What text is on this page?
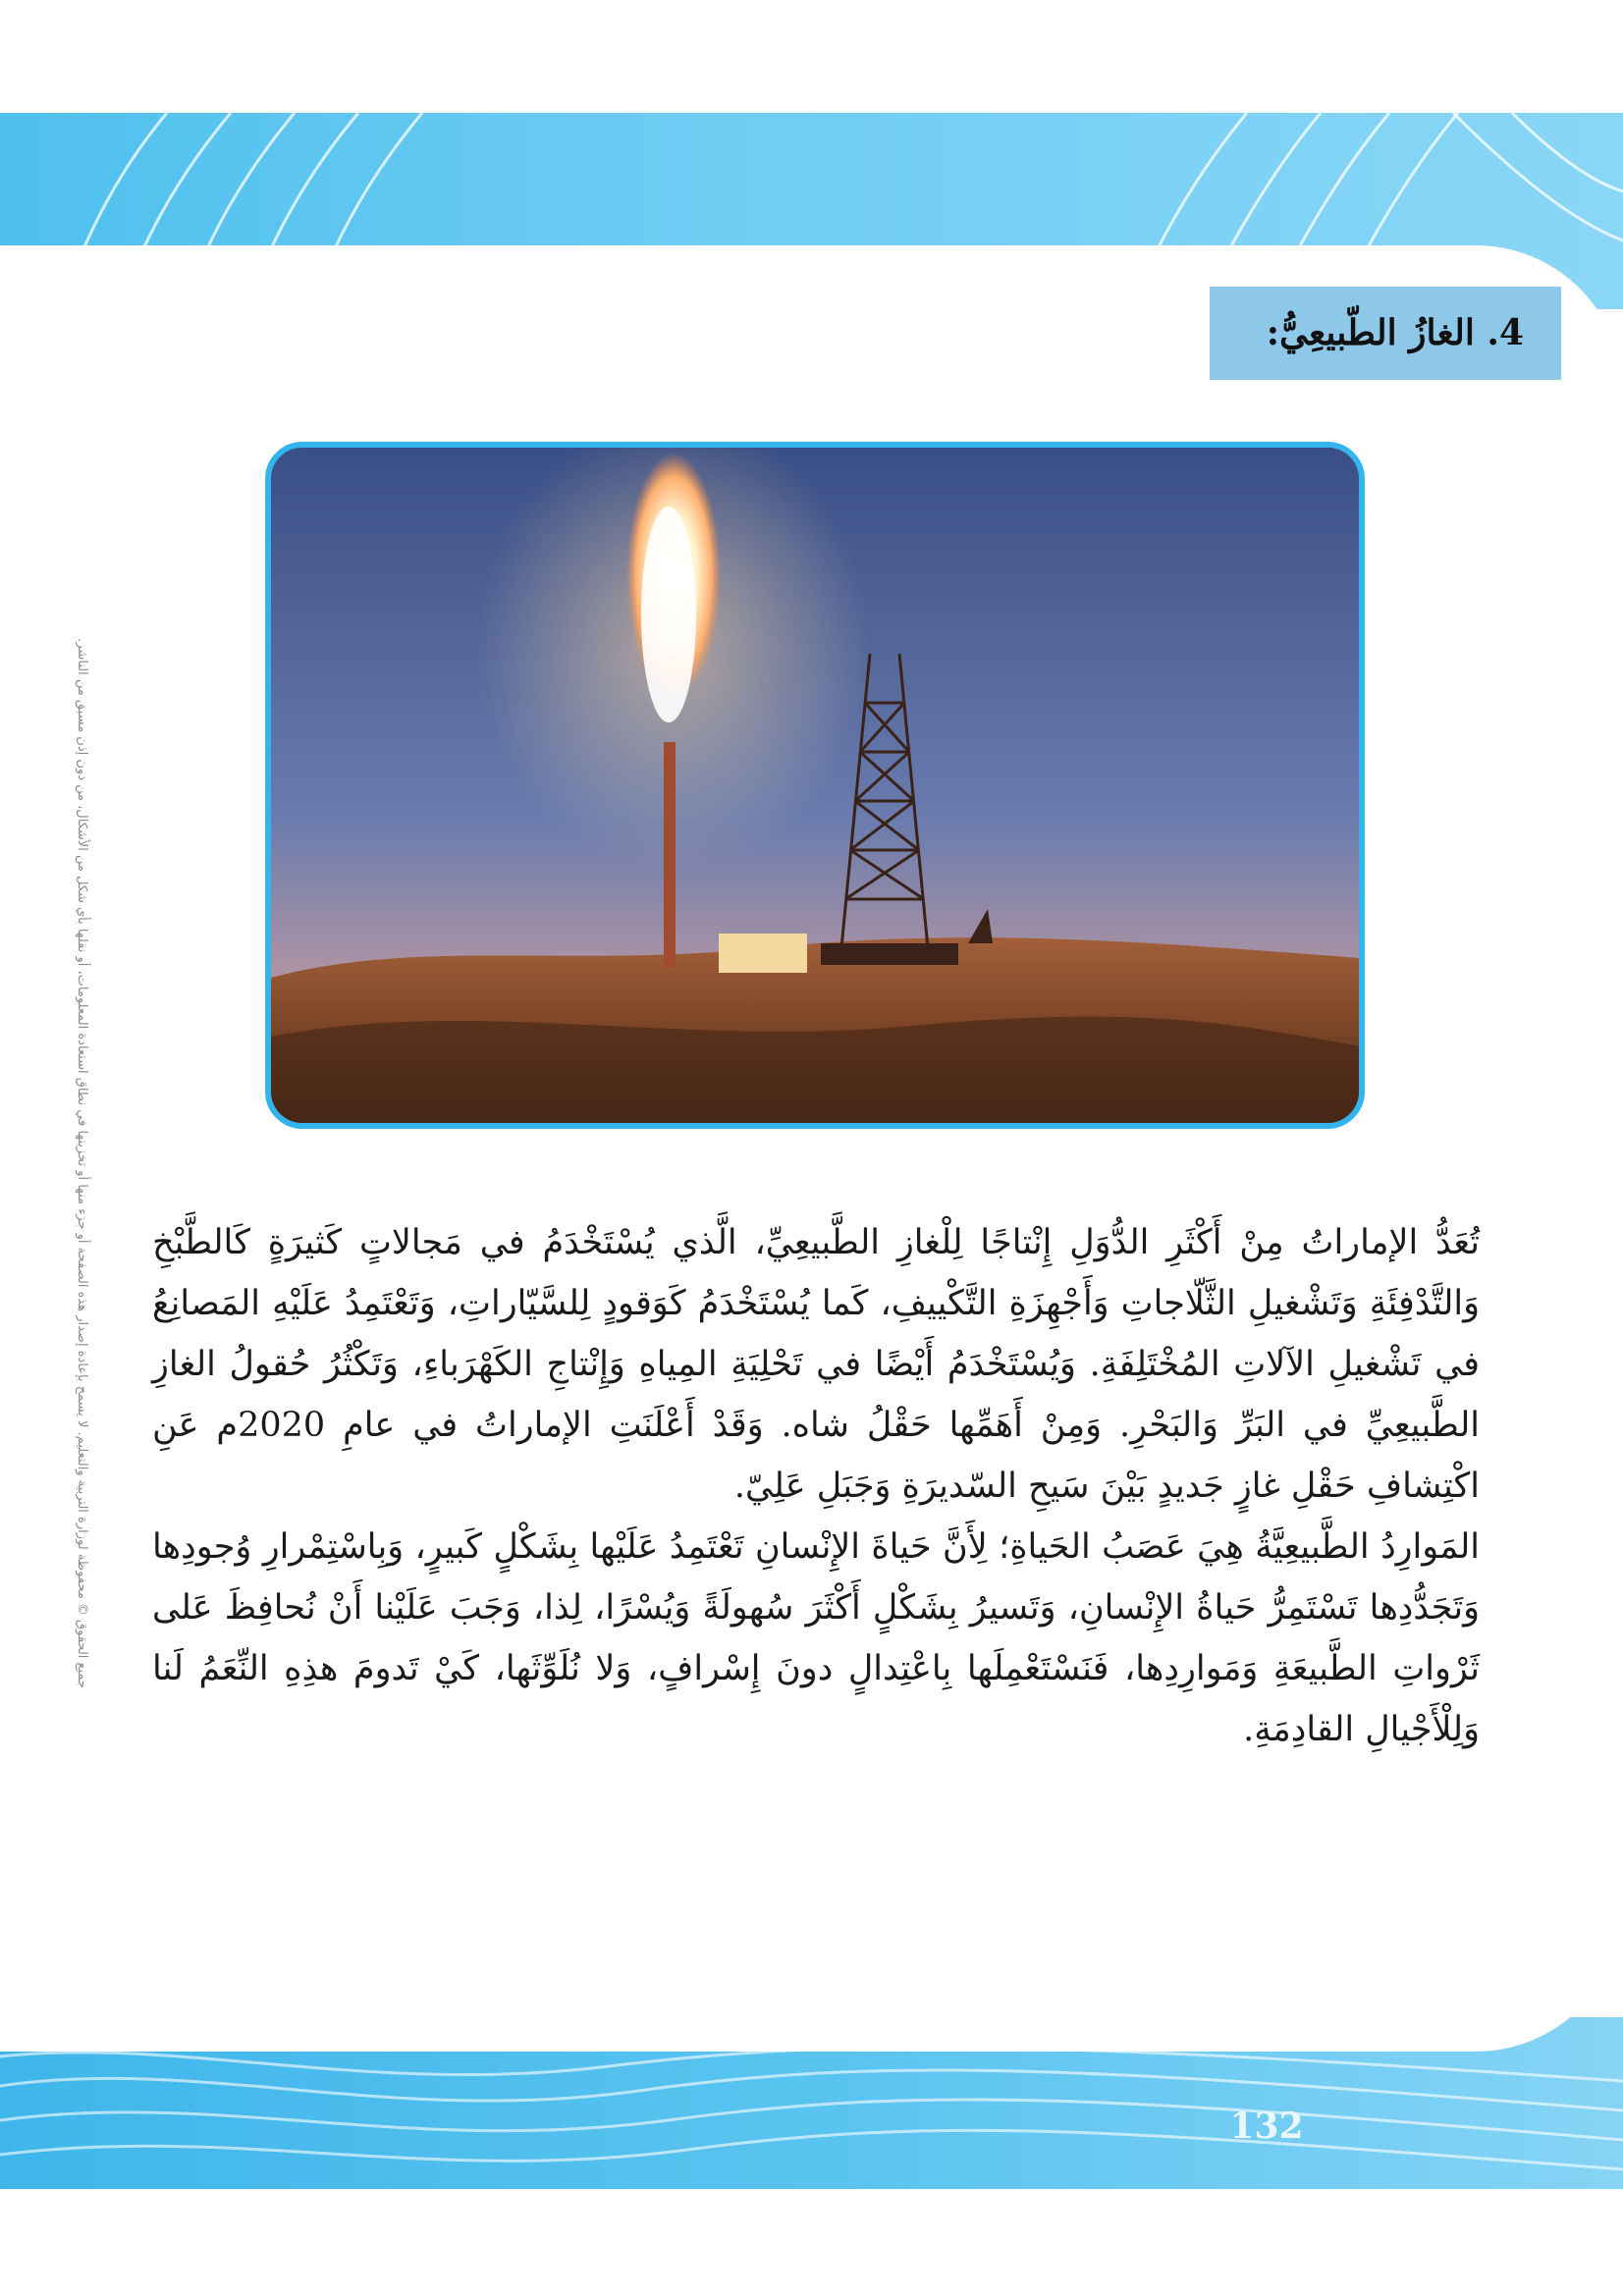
جميع الحقوق © محفوظة لوزارة التربية والتعليم. لا يسمح بإعادة إصدار هذه الصفحة أو جزء منها أو تخزينها في نطاق استعادة المعلومات، أو نقلها بأي شكل من الأشكال، من دون إذن مسبق من الناشر.
4. الغازُ الطّبيعِيُّ:

تُعَدُّ الإماراتُ مِنْ أَكْثَرِ الدُّوَلِ إِنْتاجًا لِلْغازِ الطَّبيعِيِّ، الَّذي يُسْتَخْدَمُ في مَجالاتٍ كَثيرَةٍ كَالطَّبْخِ وَالتَّدْفِئَةِ وَتَشْغيلِ الثَّلّاجاتِ وَأَجْهِزَةِ التَّكْييفِ، كَما يُسْتَخْدَمُ كَوَقودٍ لِلسَّيّاراتِ، وَتَعْتَمِدُ عَلَيْهِ المَصانِعُ في تَشْغيلِ الآلاتِ المُخْتَلِفَةِ. وَيُسْتَخْدَمُ أَيْضًا في تَحْلِيَةِ المِياهِ وَإِنْتاجِ الكَهْرَباءِ، وَتَكْثُرُ حُقولُ الغازِ الطَّبيعِيِّ في البَرِّ وَالبَحْرِ. وَمِنْ أَهَمِّها حَقْلُ شاه. وَقَدْ أَعْلَنَتِ الإماراتُ في عامِ 2020م عَنِ اكْتِشافِ حَقْلِ غازٍ جَديدٍ بَيْنَ سَيحِ السّديرَةِ وَجَبَلِ عَلِيّ.

المَوارِدُ الطَّبيعِيَّةُ هِيَ عَصَبُ الحَياةِ؛ لِأَنَّ حَياةَ الإِنْسانِ تَعْتَمِدُ عَلَيْها بِشَكْلٍ كَبيرٍ، وَبِاسْتِمْرارِ وُجودِها وَتَجَدُّدِها تَسْتَمِرُّ حَياةُ الإِنْسانِ، وَتَسيرُ بِشَكْلٍ أَكْثَرَ سُهولَةً وَيُسْرًا، لِذا، وَجَبَ عَلَيْنا أَنْ نُحافِظَ عَلى ثَرْواتِ الطَّبيعَةِ وَمَوارِدِها، فَنَسْتَعْمِلَها بِاعْتِدالٍ دونَ إِسْرافٍ، وَلا نُلَوِّثَها، كَيْ تَدومَ هذِهِ النِّعَمُ لَنا وَلِلْأَجْيالِ القادِمَةِ.

132
